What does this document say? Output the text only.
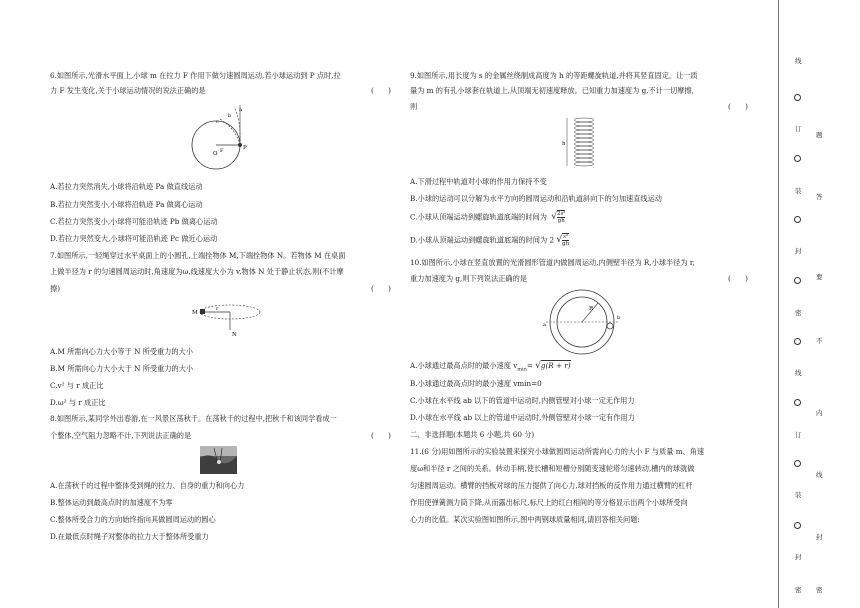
6.如图所示,光滑水平面上,小球 m 在拉力 F 作用下做匀速圆周运动,若小球运动到 P 点时,拉
力 F 发生变化,关于小球运动情况的说法正确的是	(　　)
a
b
c
O F	P
A.若拉力突然消失,小球将沿轨迹 Pa 做直线运动
B.若拉力突然变小,小球将沿轨迹 Pa 做离心运动
C.若拉力突然变小,小球将可能沿轨迹 Pb 做离心运动
D.若拉力突然变大,小球将可能沿轨迹 Pc 做近心运动
7.如图所示,一轻绳穿过水平桌面上的小圆孔,上端拴物体 M,下端拴物体 N。若物体 M 在桌面
上做半径为 r 的匀速圆周运动时,角速度为ω,线速度大小为 v,物体 N 处于静止状态,则(不计摩
擦)	(　　)
M
r
N
A.M 所需向心力大小等于 N 所受重力的大小
B.M 所需向心力大小大于 N 所受重力的大小
C.v² 与 r 成正比
D.ω² 与 r 成正比
8.如图所示,某同学外出春游,在一风景区荡秋千。在荡秋千的过程中,把秋千和该同学看成一
个整体,空气阻力忽略不计,下列说法正确的是	(　　)
A.在荡秋千的过程中整体受到绳的拉力、自身的重力和向心力
B.整体运动到最高点时的加速度不为零
C.整体所受合力的方向始终指向其做圆周运动的圆心
D.在最低点时绳子对整体的拉力大于整体所受重力
9.如图所示,用长度为 s 的金属丝绕制成高度为 h 的等距螺旋轨道,并将其竖直固定。让一质
量为 m 的有孔小球套在轨道上,从顶端无初速度释放。已知重力加速度为 g,不计一切摩擦,
则	(　　)
h
A.下滑过程中轨道对小球的作用力保持不变
B.小球的运动可以分解为水平方向的圆周运动和沿轨道斜向下的匀加速直线运动
C.小球从顶端运动到螺旋轨道底端的时间为 √ $\frac{\text{2s²}}{gh}$
D.小球从顶端运动到螺旋轨道底端的时间为 2 √ $\frac{\text{s²}}{gh}$
10.如图所示,小球在竖直放置的光滑圆形管道内做圆周运动,内侧壁半径为 R,小球半径为 r,
重力加速度为 g,则下列说法正确的是	(　　)
R
a
b
A.小球通过最高点时的最小速度 $v_{min}= √g(R + r)$
B.小球通过最高点时的最小速度 vmin=0
C.小球在水平线 ab 以下的管道中运动时,内侧管壁对小球一定无作用力
D.小球在水平线 ab 以上的管道中运动时,外侧管壁对小球一定有作用力
二、非选择题(本题共 6 小题,共 60 分)
11.(6 分)用如图所示的实验装置来探究小球做圆周运动所需向心力的大小 F 与质量 m、角速
度ω和半径 r 之间的关系。转动手柄,使长槽和短槽分别随变速轮塔匀速转动,槽内的球就做
匀速圆周运动。横臂的挡板对球的压力提供了向心力,球对挡板的反作用力通过横臂的杠杆
作用使弹簧测力筒下降,从而露出标尺,标尺上的红白相间的等分格显示出两个小球所受向
心力的比值。某次实验图如图所示,图中两钢球质量相同,请回答相关问题:
线
订
装
封
密
线
订
装
封
密
题
答
要
不
内
线
封
密
